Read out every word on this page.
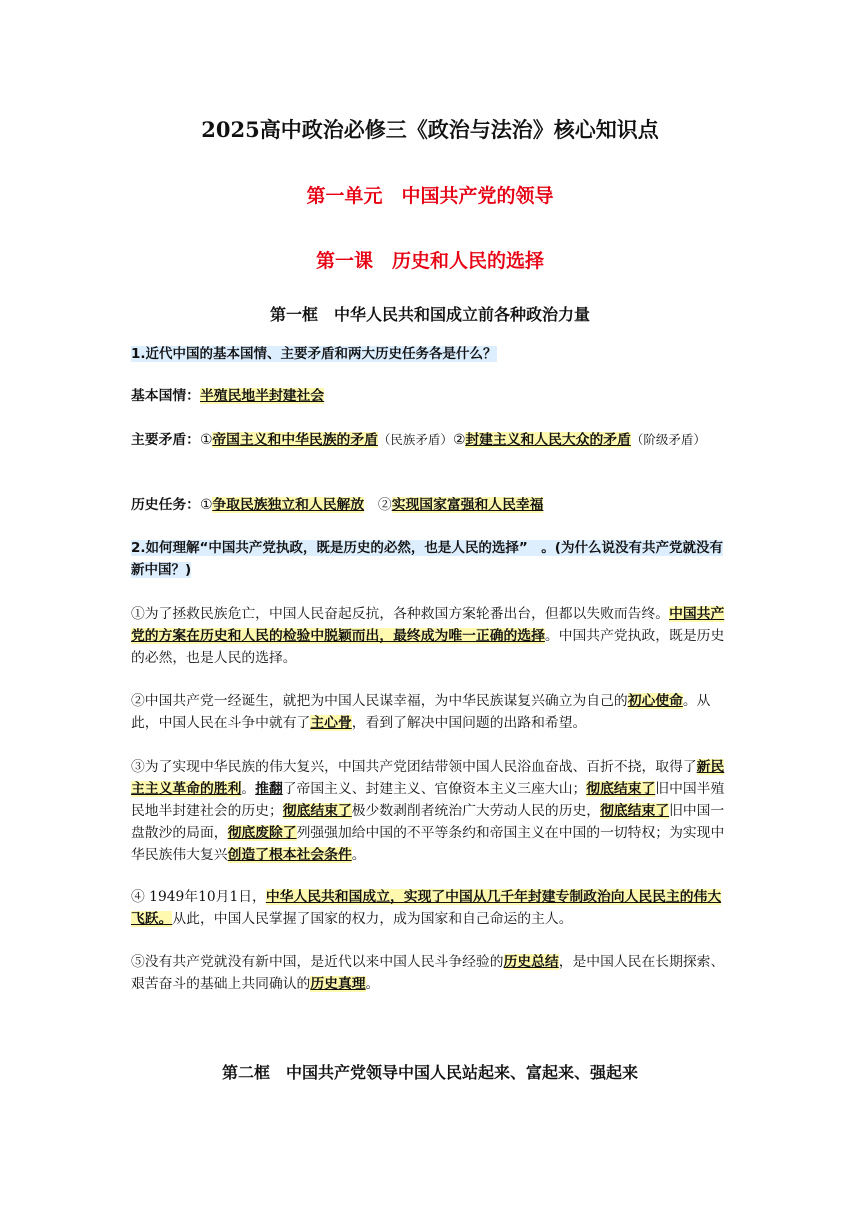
2025高中政治必修三《政治与法治》核心知识点
第一单元　中国共产党的领导
第一课　历史和人民的选择
第一框　中华人民共和国成立前各种政治力量
1.近代中国的基本国情、主要矛盾和两大历史任务各是什么？
基本国情：半殖民地半封建社会
主要矛盾：①帝国主义和中华民族的矛盾（民族矛盾）②封建主义和人民大众的矛盾（阶级矛盾）
历史任务：①争取民族独立和人民解放　②实现国家富强和人民幸福
2.如何理解“中国共产党执政，既是历史的必然，也是人民的选择”　。(为什么说没有共产党就没有新中国？)
①为了拯救民族危亡，中国人民奋起反抗，各种救国方案轮番出台，但都以失败而告终。中国共产党的方案在历史和人民的检验中脱颖而出，最终成为唯一正确的选择。中国共产党执政，既是历史的必然，也是人民的选择。
②中国共产党一经诞生，就把为中国人民谋幸福，为中华民族谋复兴确立为自己的初心使命。从此，中国人民在斗争中就有了主心骨，看到了解决中国问题的出路和希望。
③为了实现中华民族的伟大复兴，中国共产党团结带领中国人民浴血奋战、百折不挠，取得了新民主主义革命的胜利。推翻了帝国主义、封建主义、官僚资本主义三座大山；彻底结束了旧中国半殖民地半封建社会的历史；彻底结束了极少数剥削者统治广大劳动人民的历史，彻底结束了旧中国一盘散沙的局面，彻底废除了列强强加给中国的不平等条约和帝国主义在中国的一切特权；为实现中华民族伟大复兴创造了根本社会条件。
④ 1949年10月1日，中华人民共和国成立，实现了中国从几千年封建专制政治向人民民主的伟大飞跃。从此，中国人民掌握了国家的权力，成为国家和自己命运的主人。
⑤没有共产党就没有新中国，是近代以来中国人民斗争经验的历史总结，是中国人民在长期探索、艰苦奋斗的基础上共同确认的历史真理。
第二框　中国共产党领导中国人民站起来、富起来、强起来
